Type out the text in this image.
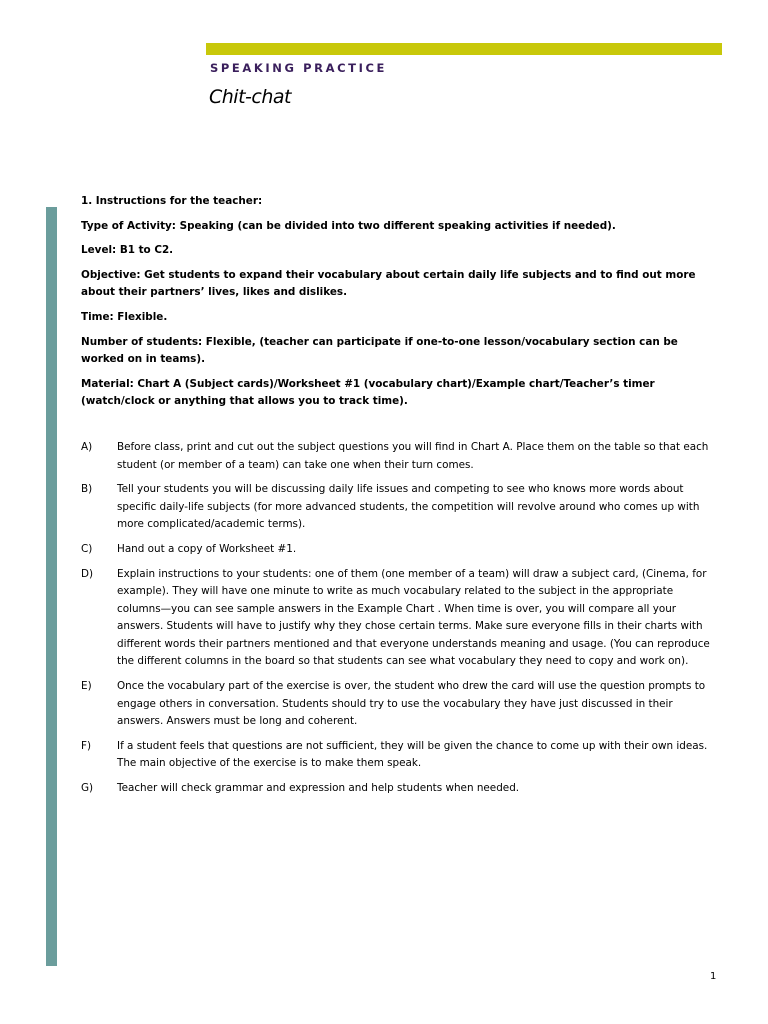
SPEAKING PRACTICE
Chit-chat

1. Instructions for the teacher:

Type of Activity: Speaking (can be divided into two different speaking activities if needed).

Level: B1 to C2.

Objective: Get students to expand their vocabulary about certain daily life subjects and to find out more about their partners’ lives, likes and dislikes.

Time: Flexible.

Number of students: Flexible, (teacher can participate if one-to-one lesson/vocabulary section can be worked on in teams).

Material: Chart A (Subject cards)/Worksheet #1 (vocabulary chart)/Example chart/Teacher’s timer (watch/clock or anything that allows you to track time).

A)	Before class, print and cut out the subject questions you will find in Chart A. Place them on the table so that each student (or member of a team) can take one when their turn comes.
B)	Tell your students you will be discussing daily life issues and competing to see who knows more words about specific daily-life subjects (for more advanced students, the competition will revolve around who comes up with more complicated/academic terms).
C)	Hand out a copy of Worksheet #1.
D)	Explain instructions to your students: one of them (one member of a team) will draw a subject card, (Cinema, for example). They will have one minute to write as much vocabulary related to the subject in the appropriate columns—you can see sample answers in the Example Chart . When time is over, you will compare all your answers. Students will have to justify why they chose certain terms. Make sure everyone fills in their charts with different words their partners mentioned and that everyone understands meaning and usage. (You can reproduce the different columns in the board so that students can see what vocabulary they need to copy and work on).
E)	Once the vocabulary part of the exercise is over, the student who drew the card will use the question prompts to engage others in conversation. Students should try to use the vocabulary they have just discussed in their answers. Answers must be long and coherent.
F)	If a student feels that questions are not sufficient, they will be given the chance to come up with their own ideas. The main objective of the exercise is to make them speak.
G)	Teacher will check grammar and expression and help students when needed.
1
